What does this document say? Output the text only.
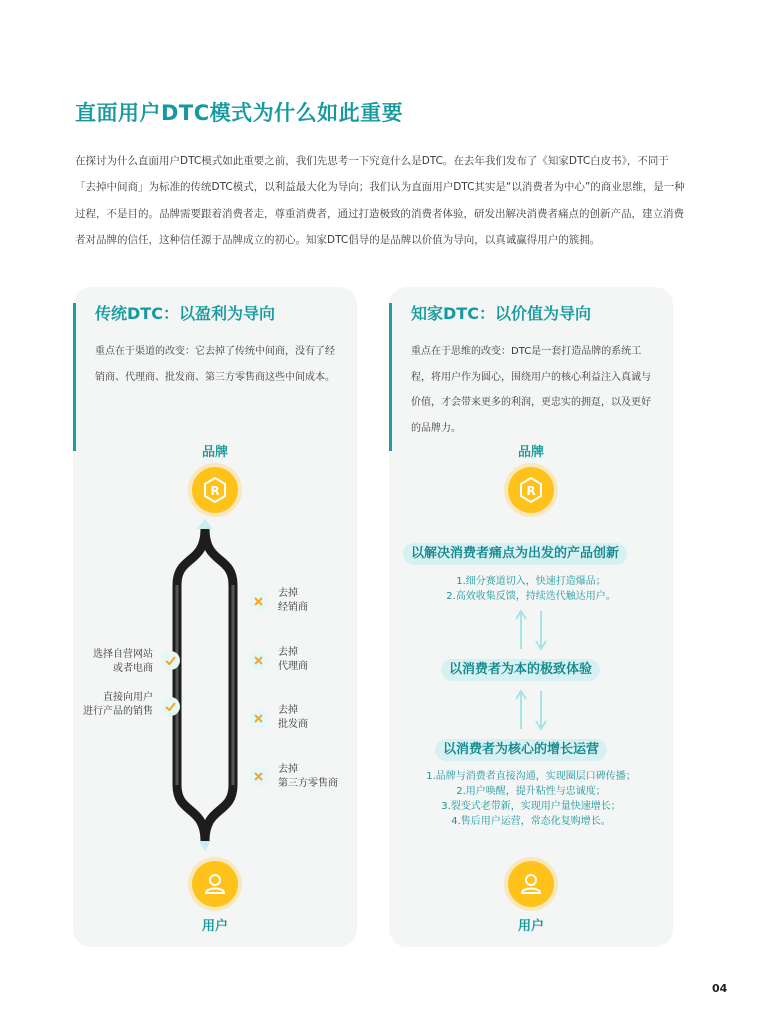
直面用户DTC模式为什么如此重要
在探讨为什么直面用户DTC模式如此重要之前，我们先思考一下究竟什么是DTC。在去年我们发布了《知家DTC白皮书》，不同于「去掉中间商」为标准的传统DTC模式，以利益最大化为导向；我们认为直面用户DTC其实是“以消费者为中心”的商业思维，是一种过程，不是目的。品牌需要跟着消费者走，尊重消费者，通过打造极致的消费者体验，研发出解决消费者痛点的创新产品，建立消费者对品牌的信任，这种信任源于品牌成立的初心。知家DTC倡导的是品牌以价值为导向，以真诚赢得用户的簇拥。
传统DTC：以盈利为导向
重点在于渠道的改变：它去掉了传统中间商，没有了经销商、代理商、批发商、第三方零售商这些中间成本。
品牌
R
去掉
经销商
去掉
代理商
去掉
批发商
去掉
第三方零售商
选择自营网站
或者电商
直接向用户
进行产品的销售
用户
知家DTC：以价值为导向
重点在于思维的改变：DTC是一套打造品牌的系统工程，将用户作为圆心，围绕用户的核心利益注入真诚与价值，才会带来更多的利润，更忠实的拥趸，以及更好的品牌力。
品牌
R
以解决消费者痛点为出发的产品创新
1.细分赛道切入，快速打造爆品；
2.高效收集反馈，持续迭代触达用户。
以消费者为本的极致体验
以消费者为核心的增长运营
1.品牌与消费者直接沟通，实现圈层口碑传播；
2.用户唤醒，提升粘性与忠诚度；
3.裂变式老带新，实现用户量快速增长；
4.售后用户运营，常态化复购增长。
用户
04
